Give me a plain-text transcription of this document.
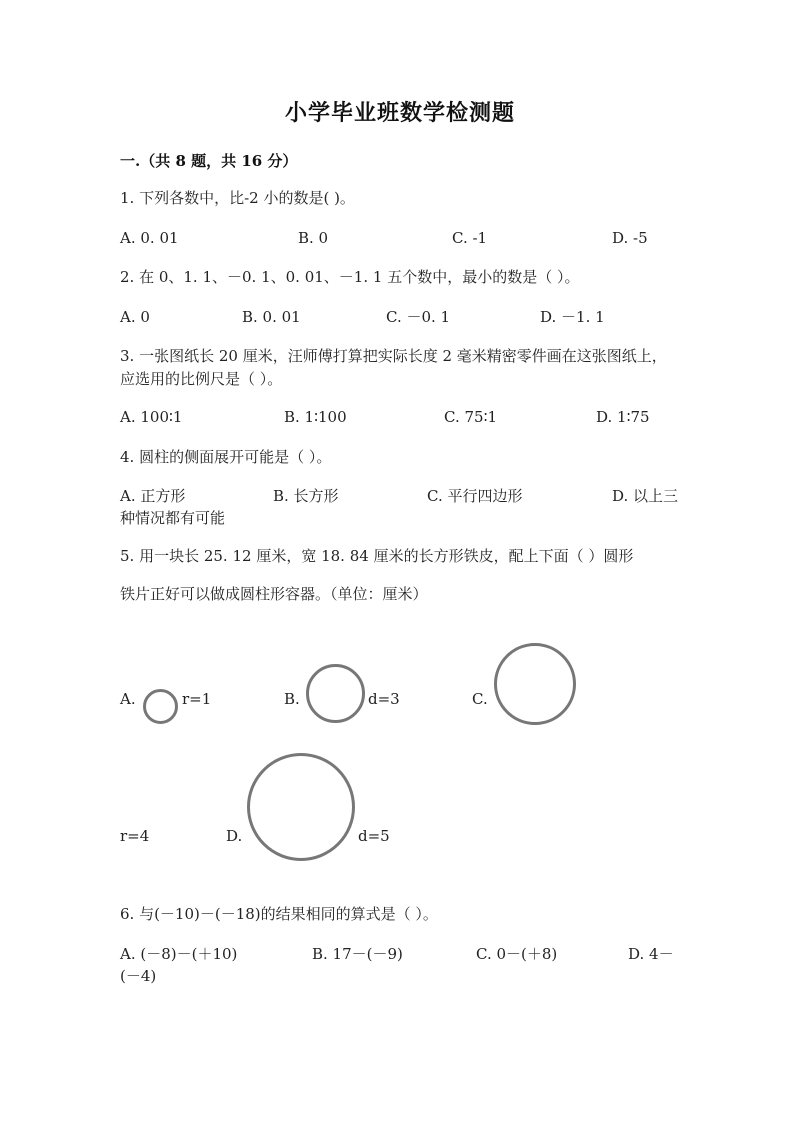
小学毕业班数学检测题
一.（共 8 题，共 16 分）
1. 下列各数中，比-2 小的数是( )。
A. 0. 01	B. 0	C. -1	D. -5
2. 在 0、1. 1、－0. 1、0. 01、－1. 1 五个数中，最小的数是（ ）。
A. 0	B. 0. 01	C. －0. 1	D. －1. 1
3. 一张图纸长 20 厘米，汪师傅打算把实际长度 2 毫米精密零件画在这张图纸上，应选用的比例尺是（ ）。
A. 100∶1	B. 1∶100	C. 75∶1	D. 1∶75
4. 圆柱的侧面展开可能是（ ）。
A. 正方形	B. 长方形	C. 平行四边形	D. 以上三
种情况都有可能
5. 用一块长 25. 12 厘米，宽 18. 84 厘米的长方形铁皮，配上下面（ ）圆形
铁片正好可以做成圆柱形容器。（单位：厘米）
A.	r=1	B.	d=3	C.
r=4	D.	d=5
6. 与(－10)－(－18)的结果相同的算式是（ ）。
A. (－8)－(＋10)	B. 17－(－9)	C. 0－(＋8)	D. 4－
(－4)
